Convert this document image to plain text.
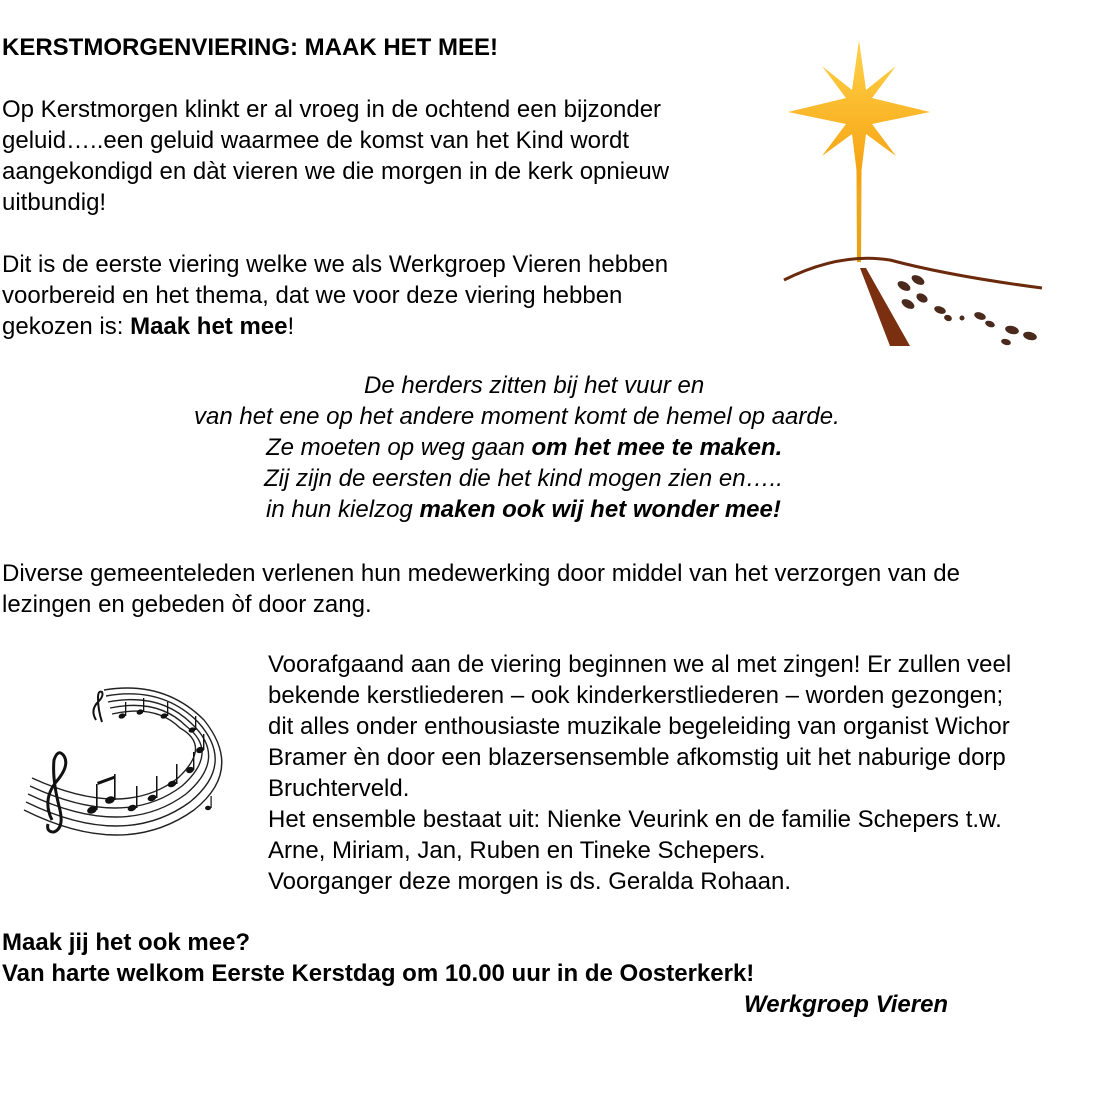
KERSTMORGENVIERING: MAAK HET MEE!

Op Kerstmorgen klinkt er al vroeg in de ochtend een bijzonder
geluid…..een geluid waarmee de komst van het Kind wordt
aangekondigd en dàt vieren we die morgen in de kerk opnieuw
uitbundig!

Dit is de eerste viering welke we als Werkgroep Vieren hebben
voorbereid en het thema, dat we voor deze viering hebben
gekozen is: Maak het mee!

De herders zitten bij het vuur en
van het ene op het andere moment komt de hemel op aarde.
Ze moeten op weg gaan om het mee te maken.
Zij zijn de eersten die het kind mogen zien en…..
in hun kielzog maken ook wij het wonder mee!

Diverse gemeenteleden verlenen hun medewerking door middel van het verzorgen van de
lezingen en gebeden òf door zang.

Voorafgaand aan de viering beginnen we al met zingen! Er zullen veel
bekende kerstliederen – ook kinderkerstliederen – worden gezongen;
dit alles onder enthousiaste muzikale begeleiding van organist Wichor
Bramer èn door een blazersensemble afkomstig uit het naburige dorp
Bruchterveld.
Het ensemble bestaat uit: Nienke Veurink en de familie Schepers t.w.
Arne, Miriam, Jan, Ruben en Tineke Schepers.
Voorganger deze morgen is ds. Geralda Rohaan.

Maak jij het ook mee?
Van harte welkom Eerste Kerstdag om 10.00 uur in de Oosterkerk!

Werkgroep Vieren
